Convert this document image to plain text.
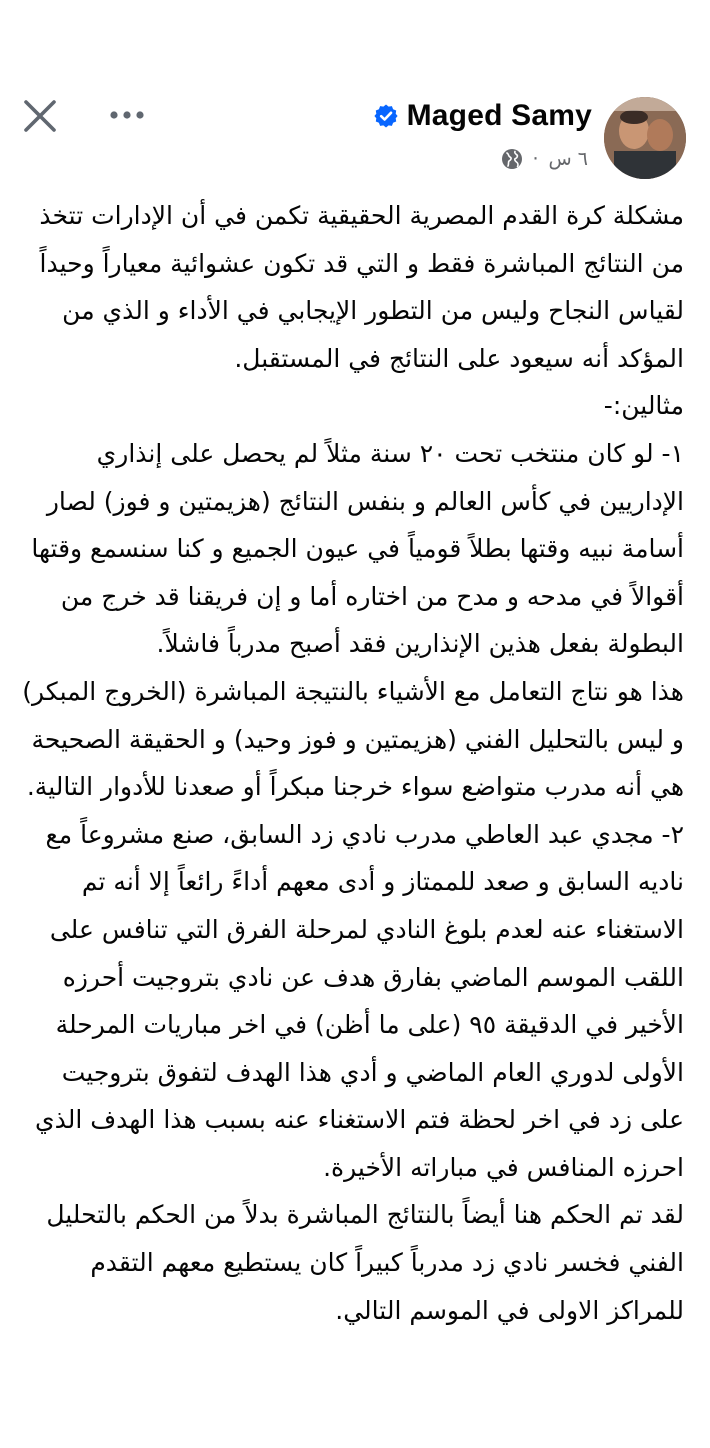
Maged Samy
٦ س
·

مشكلة كرة القدم المصرية الحقيقية تكمن في أن الإدارات تتخذ من النتائج المباشرة فقط و التي قد تكون عشوائية معياراً وحيداً لقياس النجاح وليس من التطور الإيجابي في الأداء و الذي من المؤكد أنه سيعود على النتائج في المستقبل.

مثالين:-

١- لو كان منتخب تحت ٢٠ سنة مثلاً لم يحصل على إنذاري الإداريين في كأس العالم و بنفس النتائج (هزيمتين و فوز) لصار أسامة نبيه وقتها بطلاً قومياً في عيون الجميع و كنا سنسمع وقتها أقوالاً في مدحه و مدح من اختاره أما و إن فريقنا قد خرج من البطولة بفعل هذين الإنذارين فقد أصبح مدرباً فاشلاً.

هذا هو نتاج التعامل مع الأشياء بالنتيجة المباشرة (الخروج المبكر) و ليس بالتحليل الفني (هزيمتين و فوز وحيد) و الحقيقة الصحيحة هي أنه مدرب متواضع سواء خرجنا مبكراً أو صعدنا للأدوار التالية.

٢- مجدي عبد العاطي مدرب نادي زد السابق، صنع مشروعاً مع ناديه السابق و صعد للممتاز و أدى معهم أداءً رائعاً إلا أنه تم الاستغناء عنه لعدم بلوغ النادي لمرحلة الفرق التي تنافس على اللقب الموسم الماضي بفارق هدف عن نادي بتروجيت أحرزه الأخير في الدقيقة ٩٥ (على ما أظن) في اخر مباريات المرحلة الأولى لدوري العام الماضي و أدي هذا الهدف لتفوق بتروجيت على زد في اخر لحظة فتم الاستغناء عنه بسبب هذا الهدف الذي احرزه المنافس في مباراته الأخيرة.

لقد تم الحكم هنا أيضاً بالنتائج المباشرة بدلاً من الحكم بالتحليل الفني فخسر نادي زد مدرباً كبيراً كان يستطيع معهم التقدم للمراكز الاولى في الموسم التالي.
